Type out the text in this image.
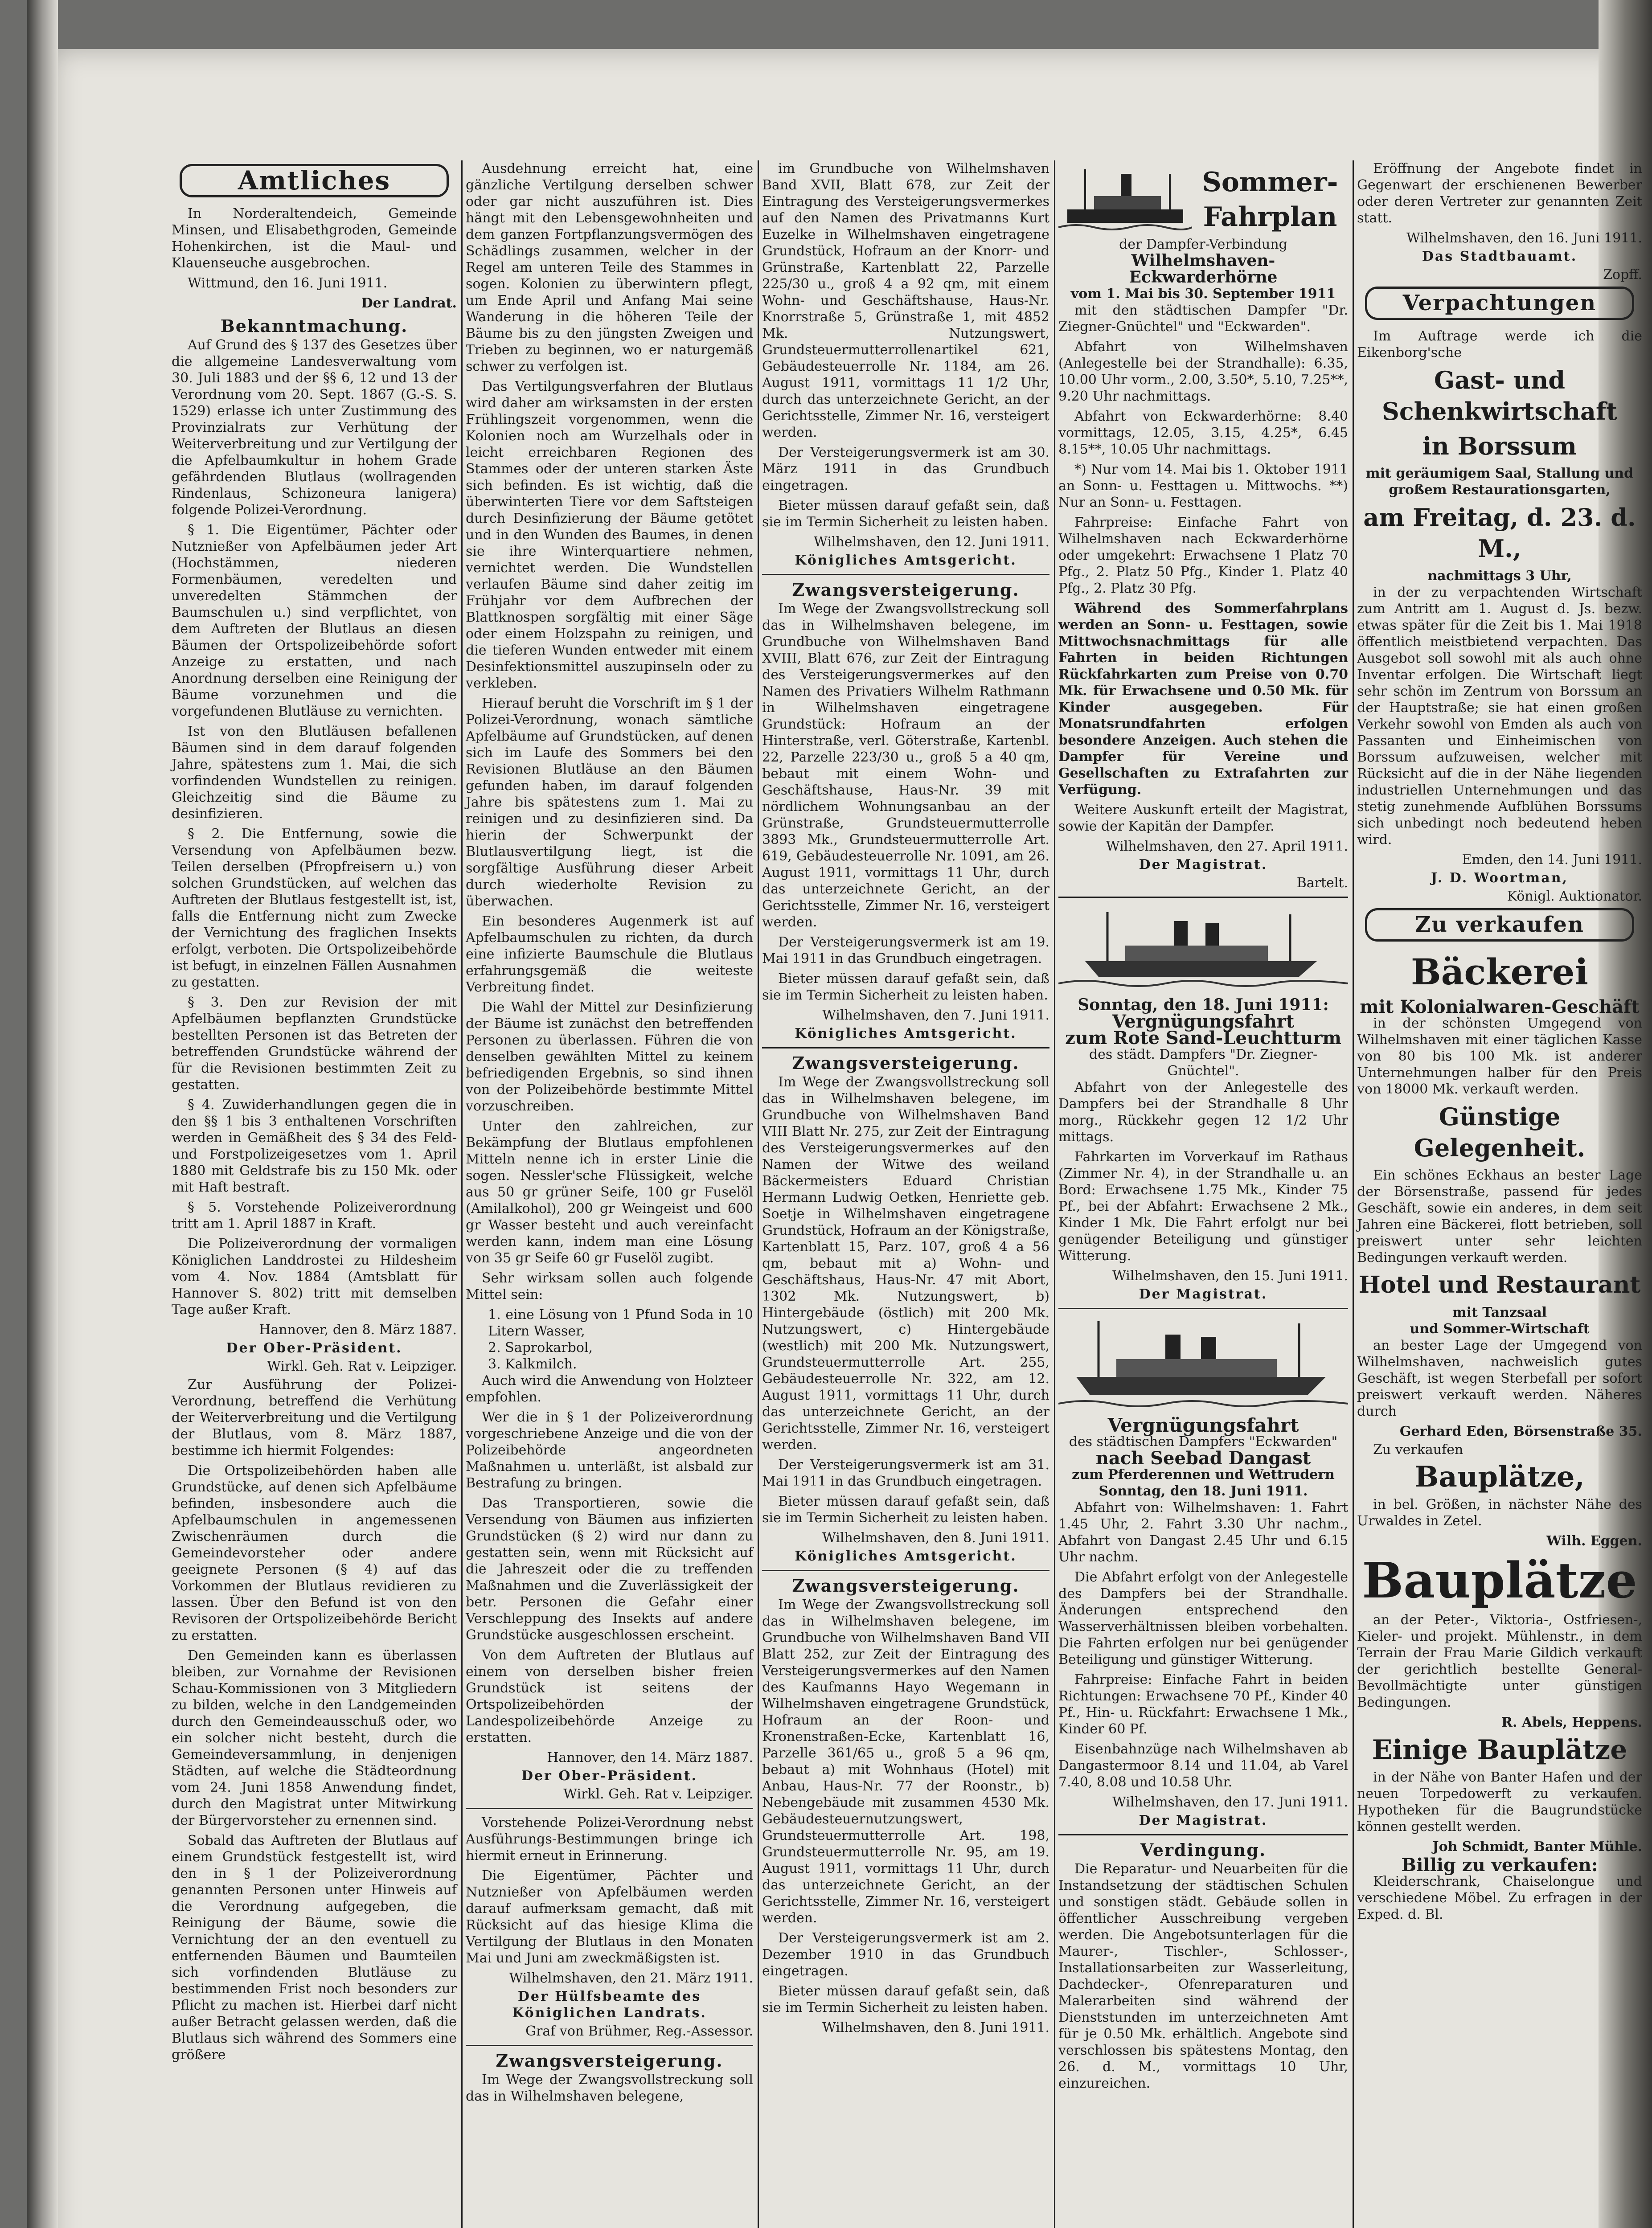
Amtliches
In Norderaltendeich, Gemeinde Minsen, und Elisabethgroden, Gemeinde Hohenkirchen, ist die Maul- und Klauenseuche ausgebrochen.
Wittmund, den 16. Juni 1911.
Der Landrat.
Bekanntmachung.
Auf Grund des § 137 des Gesetzes über die allgemeine Landesverwaltung vom 30. Juli 1883 und der §§ 6, 12 und 13 der Verordnung vom 20. Sept. 1867 (G.-S. S. 1529) erlasse ich unter Zustimmung des Provinzialrats zur Verhütung der Weiterverbreitung und zur Vertilgung der die Apfelbaumkultur in hohem Grade gefährdenden Blutlaus (wollragenden Rindenlaus, Schizoneura lanigera) folgende Polizei-Verordnung.
§ 1. Die Eigentümer, Pächter oder Nutznießer von Apfelbäumen jeder Art (Hochstämmen, niederen Formenbäumen, veredelten und unveredelten Stämmchen der Baumschulen u.) sind verpflichtet, von dem Auftreten der Blutlaus an diesen Bäumen der Ortspolizeibehörde sofort Anzeige zu erstatten, und nach Anordnung derselben eine Reinigung der Bäume vorzunehmen und die vorgefundenen Blutläuse zu vernichten.
Ist von den Blutläusen befallenen Bäumen sind in dem darauf folgenden Jahre, spätestens zum 1. Mai, die sich vorfindenden Wundstellen zu reinigen. Gleichzeitig sind die Bäume zu desinfizieren.
§ 2. Die Entfernung, sowie die Versendung von Apfelbäumen bezw. Teilen derselben (Pfropfreisern u.) von solchen Grundstücken, auf welchen das Auftreten der Blutlaus festgestellt ist, ist, falls die Entfernung nicht zum Zwecke der Vernichtung des fraglichen Insekts erfolgt, verboten. Die Ortspolizeibehörde ist befugt, in einzelnen Fällen Ausnahmen zu gestatten.
§ 3. Den zur Revision der mit Apfelbäumen bepflanzten Grundstücke bestellten Personen ist das Betreten der betreffenden Grundstücke während der für die Revisionen bestimmten Zeit zu gestatten.
§ 4. Zuwiderhandlungen gegen die in den §§ 1 bis 3 enthaltenen Vorschriften werden in Gemäßheit des § 34 des Feld- und Forstpolizeigesetzes vom 1. April 1880 mit Geldstrafe bis zu 150 Mk. oder mit Haft bestraft.
§ 5. Vorstehende Polizeiverordnung tritt am 1. April 1887 in Kraft.
Die Polizeiverordnung der vormaligen Königlichen Landdrostei zu Hildesheim vom 4. Nov. 1884 (Amtsblatt für Hannover S. 802) tritt mit demselben Tage außer Kraft.
Hannover, den 8. März 1887.
Der Ober-Präsident.
Wirkl. Geh. Rat v. Leipziger.
Zur Ausführung der Polizei-Verordnung, betreffend die Verhütung der Weiterverbreitung und die Vertilgung der Blutlaus, vom 8. März 1887, bestimme ich hiermit Folgendes:
Die Ortspolizeibehörden haben alle Grundstücke, auf denen sich Apfelbäume befinden, insbesondere auch die Apfelbaumschulen in angemessenen Zwischenräumen durch die Gemeindevorsteher oder andere geeignete Personen (§ 4) auf das Vorkommen der Blutlaus revidieren zu lassen. Über den Befund ist von den Revisoren der Ortspolizeibehörde Bericht zu erstatten.
Den Gemeinden kann es überlassen bleiben, zur Vornahme der Revisionen Schau-Kommissionen von 3 Mitgliedern zu bilden, welche in den Landgemeinden durch den Gemeindeausschuß oder, wo ein solcher nicht besteht, durch die Gemeindeversammlung, in denjenigen Städten, auf welche die Städteordnung vom 24. Juni 1858 Anwendung findet, durch den Magistrat unter Mitwirkung der Bürgervorsteher zu ernennen sind.
Sobald das Auftreten der Blutlaus auf einem Grundstück festgestellt ist, wird den in § 1 der Polizeiverordnung genannten Personen unter Hinweis auf die Verordnung aufgegeben, die Reinigung der Bäume, sowie die Vernichtung der an den eventuell zu entfernenden Bäumen und Baumteilen sich vorfindenden Blutläuse zu bestimmenden Frist noch besonders zur Pflicht zu machen ist. Hierbei darf nicht außer Betracht gelassen werden, daß die Blutlaus sich während des Sommers eine größere
Ausdehnung erreicht hat, eine gänzliche Vertilgung derselben schwer oder gar nicht auszuführen ist. Dies hängt mit den Lebensgewohnheiten und dem ganzen Fortpflanzungsvermögen des Schädlings zusammen, welcher in der Regel am unteren Teile des Stammes in sogen. Kolonien zu überwintern pflegt, um Ende April und Anfang Mai seine Wanderung in die höheren Teile der Bäume bis zu den jüngsten Zweigen und Trieben zu beginnen, wo er naturgemäß schwer zu verfolgen ist.
Das Vertilgungsverfahren der Blutlaus wird daher am wirksamsten in der ersten Frühlingszeit vorgenommen, wenn die Kolonien noch am Wurzelhals oder in leicht erreichbaren Regionen des Stammes oder der unteren starken Äste sich befinden. Es ist wichtig, daß die überwinterten Tiere vor dem Saftsteigen durch Desinfizierung der Bäume getötet und in den Wunden des Baumes, in denen sie ihre Winterquartiere nehmen, vernichtet werden. Die Wundstellen verlaufen Bäume sind daher zeitig im Frühjahr vor dem Aufbrechen der Blattknospen sorgfältig mit einer Säge oder einem Holzspahn zu reinigen, und die tieferen Wunden entweder mit einem Desinfektionsmittel auszupinseln oder zu verkleben.
Hierauf beruht die Vorschrift im § 1 der Polizei-Verordnung, wonach sämtliche Apfelbäume auf Grundstücken, auf denen sich im Laufe des Sommers bei den Revisionen Blutläuse an den Bäumen gefunden haben, im darauf folgenden Jahre bis spätestens zum 1. Mai zu reinigen und zu desinfizieren sind. Da hierin der Schwerpunkt der Blutlausvertilgung liegt, ist die sorgfältige Ausführung dieser Arbeit durch wiederholte Revision zu überwachen.
Ein besonderes Augenmerk ist auf Apfelbaumschulen zu richten, da durch eine infizierte Baumschule die Blutlaus erfahrungsgemäß die weiteste Verbreitung findet.
Die Wahl der Mittel zur Desinfizierung der Bäume ist zunächst den betreffenden Personen zu überlassen. Führen die von denselben gewählten Mittel zu keinem befriedigenden Ergebnis, so sind ihnen von der Polizeibehörde bestimmte Mittel vorzuschreiben.
Unter den zahlreichen, zur Bekämpfung der Blutlaus empfohlenen Mitteln nenne ich in erster Linie die sogen. Nessler'sche Flüssigkeit, welche aus 50 gr grüner Seife, 100 gr Fuselöl (Amilalkohol), 200 gr Weingeist und 600 gr Wasser besteht und auch vereinfacht werden kann, indem man eine Lösung von 35 gr Seife 60 gr Fuselöl zugibt.
Sehr wirksam sollen auch folgende Mittel sein:
1. eine Lösung von 1 Pfund Soda in 10 Litern Wasser,
2. Saprokarbol,
3. Kalkmilch.
Auch wird die Anwendung von Holzteer empfohlen.
Wer die in § 1 der Polizeiverordnung vorgeschriebene Anzeige und die von der Polizeibehörde angeordneten Maßnahmen u. unterläßt, ist alsbald zur Bestrafung zu bringen.
Das Transportieren, sowie die Versendung von Bäumen aus infizierten Grundstücken (§ 2) wird nur dann zu gestatten sein, wenn mit Rücksicht auf die Jahreszeit oder die zu treffenden Maßnahmen und die Zuverlässigkeit der betr. Personen die Gefahr einer Verschleppung des Insekts auf andere Grundstücke ausgeschlossen erscheint.
Von dem Auftreten der Blutlaus auf einem von derselben bisher freien Grundstück ist seitens der Ortspolizeibehörden der Landespolizeibehörde Anzeige zu erstatten.
Hannover, den 14. März 1887.
Der Ober-Präsident.
Wirkl. Geh. Rat v. Leipziger.
Vorstehende Polizei-Verordnung nebst Ausführungs-Bestimmungen bringe ich hiermit erneut in Erinnerung.
Die Eigentümer, Pächter und Nutznießer von Apfelbäumen werden darauf aufmerksam gemacht, daß mit Rücksicht auf das hiesige Klima die Vertilgung der Blutlaus in den Monaten Mai und Juni am zweckmäßigsten ist.
Wilhelmshaven, den 21. März 1911.
Der Hülfsbeamte des Königlichen Landrats.
Graf von Brühmer, Reg.-Assessor.
Zwangsversteigerung.
Im Wege der Zwangsvollstreckung soll das in Wilhelmshaven belegene,
im Grundbuche von Wilhelmshaven Band XVII, Blatt 678, zur Zeit der Eintragung des Versteigerungsvermerkes auf den Namen des Privatmanns Kurt Euzelke in Wilhelmshaven eingetragene Grundstück, Hofraum an der Knorr- und Grünstraße, Kartenblatt 22, Parzelle 225/30 u., groß 4 a 92 qm, mit einem Wohn- und Geschäftshause, Haus-Nr. Knorrstraße 5, Grünstraße 1, mit 4852 Mk. Nutzungswert, Grundsteuermutterrollenartikel 621, Gebäudesteuerrolle Nr. 1184, am 26. August 1911, vormittags 11 1/2 Uhr, durch das unterzeichnete Gericht, an der Gerichtsstelle, Zimmer Nr. 16, versteigert werden.
Der Versteigerungsvermerk ist am 30. März 1911 in das Grundbuch eingetragen.
Bieter müssen darauf gefaßt sein, daß sie im Termin Sicherheit zu leisten haben.
Wilhelmshaven, den 12. Juni 1911.
Königliches Amtsgericht.
Zwangsversteigerung.
Im Wege der Zwangsvollstreckung soll das in Wilhelmshaven belegene, im Grundbuche von Wilhelmshaven Band XVIII, Blatt 676, zur Zeit der Eintragung des Versteigerungsvermerkes auf den Namen des Privatiers Wilhelm Rathmann in Wilhelmshaven eingetragene Grundstück: Hofraum an der Hinterstraße, verl. Göterstraße, Kartenbl. 22, Parzelle 223/30 u., groß 5 a 40 qm, bebaut mit einem Wohn- und Geschäftshause, Haus-Nr. 39 mit nördlichem Wohnungsanbau an der Grünstraße, Grundsteuermutterrolle 3893 Mk., Grundsteuermutterrolle Art. 619, Gebäudesteuerrolle Nr. 1091, am 26. August 1911, vormittags 11 Uhr, durch das unterzeichnete Gericht, an der Gerichtsstelle, Zimmer Nr. 16, versteigert werden.
Der Versteigerungsvermerk ist am 19. Mai 1911 in das Grundbuch eingetragen.
Bieter müssen darauf gefaßt sein, daß sie im Termin Sicherheit zu leisten haben.
Wilhelmshaven, den 7. Juni 1911.
Königliches Amtsgericht.
Zwangsversteigerung.
Im Wege der Zwangsvollstreckung soll das in Wilhelmshaven belegene, im Grundbuche von Wilhelmshaven Band VIII Blatt Nr. 275, zur Zeit der Eintragung des Versteigerungsvermerkes auf den Namen der Witwe des weiland Bäckermeisters Eduard Christian Hermann Ludwig Oetken, Henriette geb. Soetje in Wilhelmshaven eingetragene Grundstück, Hofraum an der Königstraße, Kartenblatt 15, Parz. 107, groß 4 a 56 qm, bebaut mit a) Wohn- und Geschäftshaus, Haus-Nr. 47 mit Abort, 1302 Mk. Nutzungswert, b) Hintergebäude (östlich) mit 200 Mk. Nutzungswert, c) Hintergebäude (westlich) mit 200 Mk. Nutzungswert, Grundsteuermutterrolle Art. 255, Gebäudesteuerrolle Nr. 322, am 12. August 1911, vormittags 11 Uhr, durch das unterzeichnete Gericht, an der Gerichtsstelle, Zimmer Nr. 16, versteigert werden.
Der Versteigerungsvermerk ist am 31. Mai 1911 in das Grundbuch eingetragen.
Bieter müssen darauf gefaßt sein, daß sie im Termin Sicherheit zu leisten haben.
Wilhelmshaven, den 8. Juni 1911.
Königliches Amtsgericht.
Zwangsversteigerung.
Im Wege der Zwangsvollstreckung soll das in Wilhelmshaven belegene, im Grundbuche von Wilhelmshaven Band VII Blatt 252, zur Zeit der Eintragung des Versteigerungsvermerkes auf den Namen des Kaufmanns Hayo Wegemann in Wilhelmshaven eingetragene Grundstück, Hofraum an der Roon- und Kronenstraßen-Ecke, Kartenblatt 16, Parzelle 361/65 u., groß 5 a 96 qm, bebaut a) mit Wohnhaus (Hotel) mit Anbau, Haus-Nr. 77 der Roonstr., b) Nebengebäude mit zusammen 4530 Mk. Gebäudesteuernutzungswert, Grundsteuermutterrolle Art. 198, Grundsteuermutterrolle Nr. 95, am 19. August 1911, vormittags 11 Uhr, durch das unterzeichnete Gericht, an der Gerichtsstelle, Zimmer Nr. 16, versteigert werden.
Der Versteigerungsvermerk ist am 2. Dezember 1910 in das Grundbuch eingetragen.
Bieter müssen darauf gefaßt sein, daß sie im Termin Sicherheit zu leisten haben.
Wilhelmshaven, den 8. Juni 1911.
Sommer-
Fahrplan
der Dampfer-Verbindung
Wilhelmshaven-Eckwarderhörne
vom 1. Mai bis 30. September 1911
mit den städtischen Dampfer "Dr. Ziegner-Gnüchtel" und "Eckwarden".
Abfahrt von Wilhelmshaven (Anlegestelle bei der Strandhalle): 6.35, 10.00 Uhr vorm., 2.00, 3.50*, 5.10, 7.25**, 9.20 Uhr nachmittags.
Abfahrt von Eckwarderhörne: 8.40 vormittags, 12.05, 3.15, 4.25*, 6.45 8.15**, 10.05 Uhr nachmittags.
*) Nur vom 14. Mai bis 1. Oktober 1911 an Sonn- u. Festtagen u. Mittwochs. **) Nur an Sonn- u. Festtagen.
Fahrpreise: Einfache Fahrt von Wilhelmshaven nach Eckwarderhörne oder umgekehrt: Erwachsene 1 Platz 70 Pfg., 2. Platz 50 Pfg., Kinder 1. Platz 40 Pfg., 2. Platz 30 Pfg.
Während des Sommerfahrplans werden an Sonn- u. Festtagen, sowie Mittwochsnachmittags für alle Fahrten in beiden Richtungen Rückfahrkarten zum Preise von 0.70 Mk. für Erwachsene und 0.50 Mk. für Kinder ausgegeben. Für Monatsrundfahrten erfolgen besondere Anzeigen. Auch stehen die Dampfer für Vereine und Gesellschaften zu Extrafahrten zur Verfügung.
Weitere Auskunft erteilt der Magistrat, sowie der Kapitän der Dampfer.
Wilhelmshaven, den 27. April 1911.
Der Magistrat.
Bartelt.
Sonntag, den 18. Juni 1911:
Vergnügungsfahrt
zum Rote Sand-Leuchtturm
des städt. Dampfers "Dr. Ziegner-Gnüchtel".
Abfahrt von der Anlegestelle des Dampfers bei der Strandhalle 8 Uhr morg., Rückkehr gegen 12 1/2 Uhr mittags.
Fahrkarten im Vorverkauf im Rathaus (Zimmer Nr. 4), in der Strandhalle u. an Bord: Erwachsene 1.75 Mk., Kinder 75 Pf., bei der Abfahrt: Erwachsene 2 Mk., Kinder 1 Mk. Die Fahrt erfolgt nur bei genügender Beteiligung und günstiger Witterung.
Wilhelmshaven, den 15. Juni 1911.
Der Magistrat.
Vergnügungsfahrt
des städtischen Dampfers "Eckwarden"
nach Seebad Dangast
zum Pferderennen und Wettrudern
Sonntag, den 18. Juni 1911.
Abfahrt von: Wilhelmshaven: 1. Fahrt 1.45 Uhr, 2. Fahrt 3.30 Uhr nachm., Abfahrt von Dangast 2.45 Uhr und 6.15 Uhr nachm.
Die Abfahrt erfolgt von der Anlegestelle des Dampfers bei der Strandhalle. Änderungen entsprechend den Wasserverhältnissen bleiben vorbehalten. Die Fahrten erfolgen nur bei genügender Beteiligung und günstiger Witterung.
Fahrpreise: Einfache Fahrt in beiden Richtungen: Erwachsene 70 Pf., Kinder 40 Pf., Hin- u. Rückfahrt: Erwachsene 1 Mk., Kinder 60 Pf.
Eisenbahnzüge nach Wilhelmshaven ab Dangastermoor 8.14 und 11.04, ab Varel 7.40, 8.08 und 10.58 Uhr.
Wilhelmshaven, den 17. Juni 1911.
Der Magistrat.
Verdingung.
Die Reparatur- und Neuarbeiten für die Instandsetzung der städtischen Schulen und sonstigen städt. Gebäude sollen in öffentlicher Ausschreibung vergeben werden. Die Angebotsunterlagen für die Maurer-, Tischler-, Schlosser-, Installationsarbeiten zur Wasserleitung, Dachdecker-, Ofenreparaturen und Malerarbeiten sind während der Dienststunden im unterzeichneten Amt für je 0.50 Mk. erhältlich. Angebote sind verschlossen bis spätestens Montag, den 26. d. M., vormittags 10 Uhr, einzureichen.
Eröffnung der Angebote findet in Gegenwart der erschienenen Bewerber oder deren Vertreter zur genannten Zeit statt.
Wilhelmshaven, den 16. Juni 1911.
Das Stadtbauamt.
Zopff.
Verpachtungen
Im Auftrage werde ich die Eikenborg'sche
Gast- und Schenkwirtschaft
in Borssum
mit geräumigem Saal, Stallung und großem Restaurationsgarten,
am Freitag, d. 23. d. M.,
nachmittags 3 Uhr,
in der zu verpachtenden Wirtschaft zum Antritt am 1. August d. Js. bezw. etwas später für die Zeit bis 1. Mai 1918 öffentlich meistbietend verpachten. Das Ausgebot soll sowohl mit als auch ohne Inventar erfolgen. Die Wirtschaft liegt sehr schön im Zentrum von Borssum an der Hauptstraße; sie hat einen großen Verkehr sowohl von Emden als auch von Passanten und Einheimischen von Borssum aufzuweisen, welcher mit Rücksicht auf die in der Nähe liegenden industriellen Unternehmungen und das stetig zunehmende Aufblühen Borssums sich unbedingt noch bedeutend heben wird.
Emden, den 14. Juni 1911.
J. D. Woortman,
Königl. Auktionator.
Zu verkaufen
Bäckerei
mit Kolonialwaren-Geschäft
in der schönsten Umgegend von Wilhelmshaven mit einer täglichen Kasse von 80 bis 100 Mk. ist anderer Unternehmungen halber für den Preis von 18000 Mk. verkauft werden.
Günstige Gelegenheit.
Ein schönes Eckhaus an bester Lage der Börsenstraße, passend für jedes Geschäft, sowie ein anderes, in dem seit Jahren eine Bäckerei, flott betrieben, soll preiswert unter sehr leichten Bedingungen verkauft werden.
Hotel und Restaurant
mit Tanzsaal
und Sommer-Wirtschaft
an bester Lage der Umgegend von Wilhelmshaven, nachweislich gutes Geschäft, ist wegen Sterbefall per sofort preiswert verkauft werden. Näheres durch
Gerhard Eden, Börsenstraße 35.
Zu verkaufen
Bauplätze,
in bel. Größen, in nächster Nähe des Urwaldes in Zetel.
Wilh. Eggen.
Bauplätze
an der Peter-, Viktoria-, Ostfriesen-, Kieler- und projekt. Mühlenstr., in dem Terrain der Frau Marie Gildich verkauft der gerichtlich bestellte General-Bevollmächtigte unter günstigen Bedingungen.
R. Abels, Heppens.
Einige Bauplätze
in der Nähe von Banter Hafen und der neuen Torpedowerft zu verkaufen. Hypotheken für die Baugrundstücke können gestellt werden.
Joh Schmidt, Banter Mühle.
Billig zu verkaufen:
Kleiderschrank, Chaiselongue und verschiedene Möbel. Zu erfragen in der Exped. d. Bl.
